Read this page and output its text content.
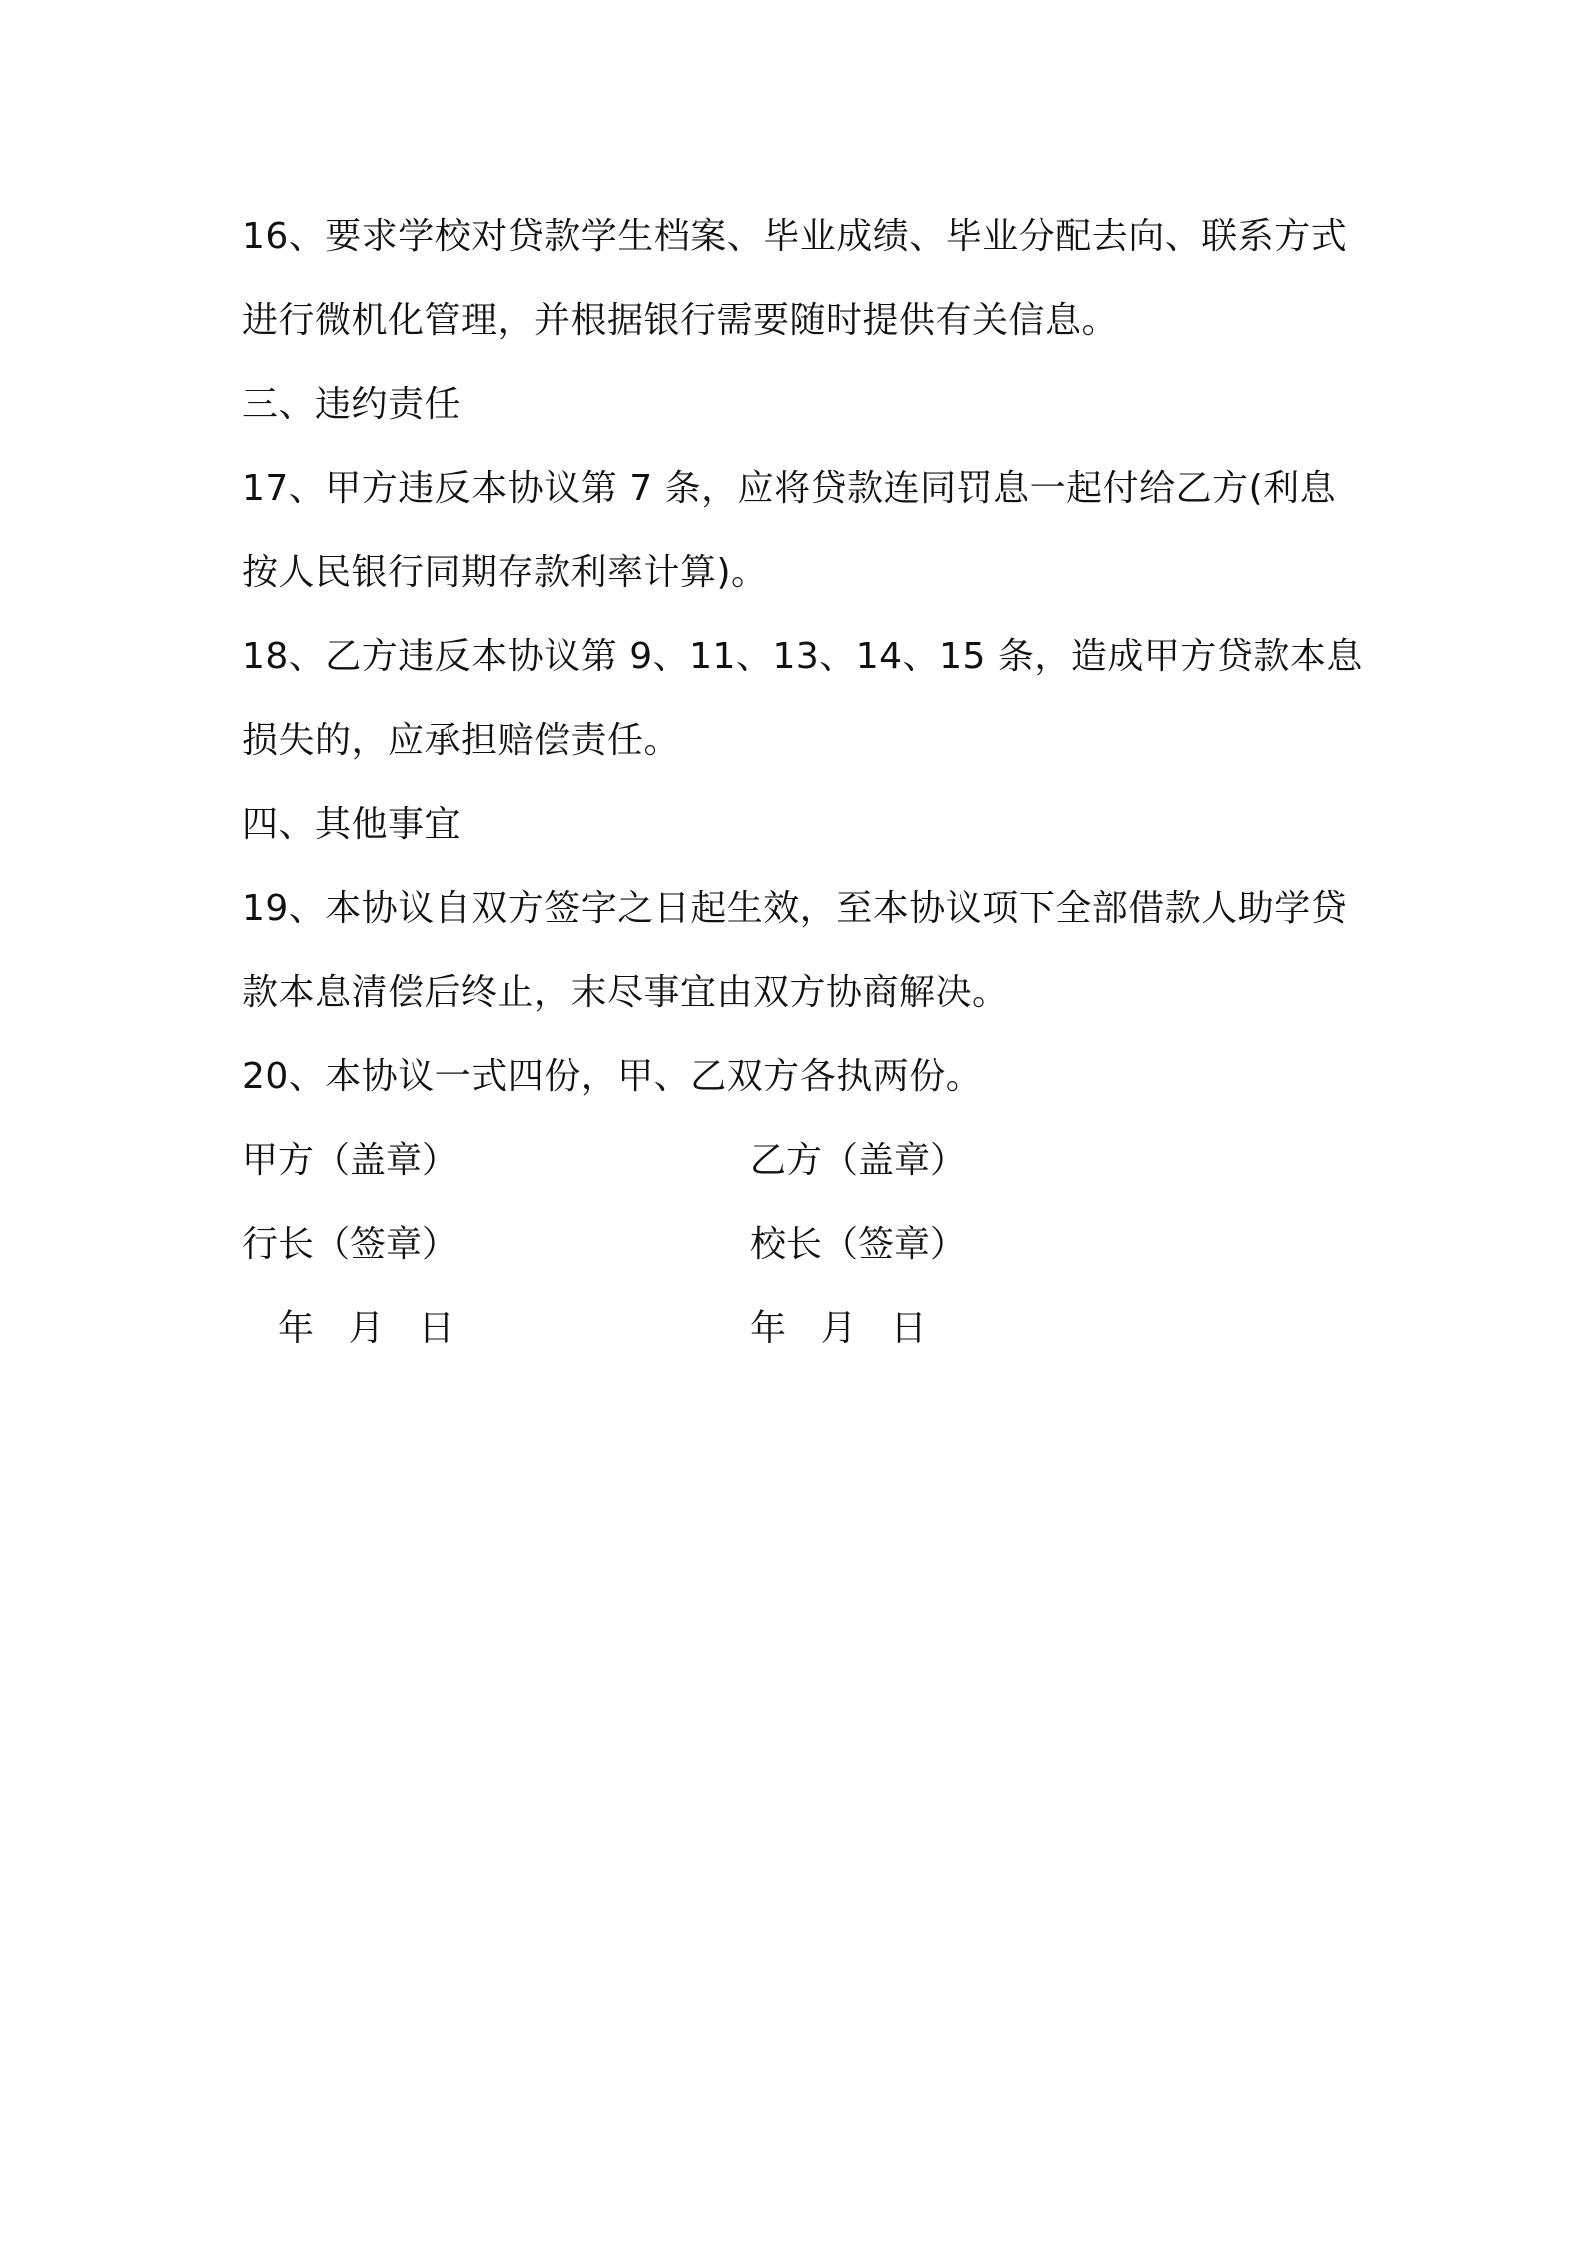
16、要求学校对贷款学生档案、毕业成绩、毕业分配去向、联系方式
进行微机化管理，并根据银行需要随时提供有关信息。
三、违约责任
17、甲方违反本协议第 7 条，应将贷款连同罚息一起付给乙方(利息
按人民银行同期存款利率计算)。
18、乙方违反本协议第 9、11、13、14、15 条，造成甲方贷款本息
损失的，应承担赔偿责任。
四、其他事宜
19、本协议自双方签字之日起生效，至本协议项下全部借款人助学贷
款本息清偿后终止，末尽事宜由双方协商解决。
20、本协议一式四份，甲、乙双方各执两份。
甲方（盖章）	乙方（盖章）
行长（签章）	校长（签章）
年   月   日	年   月   日
